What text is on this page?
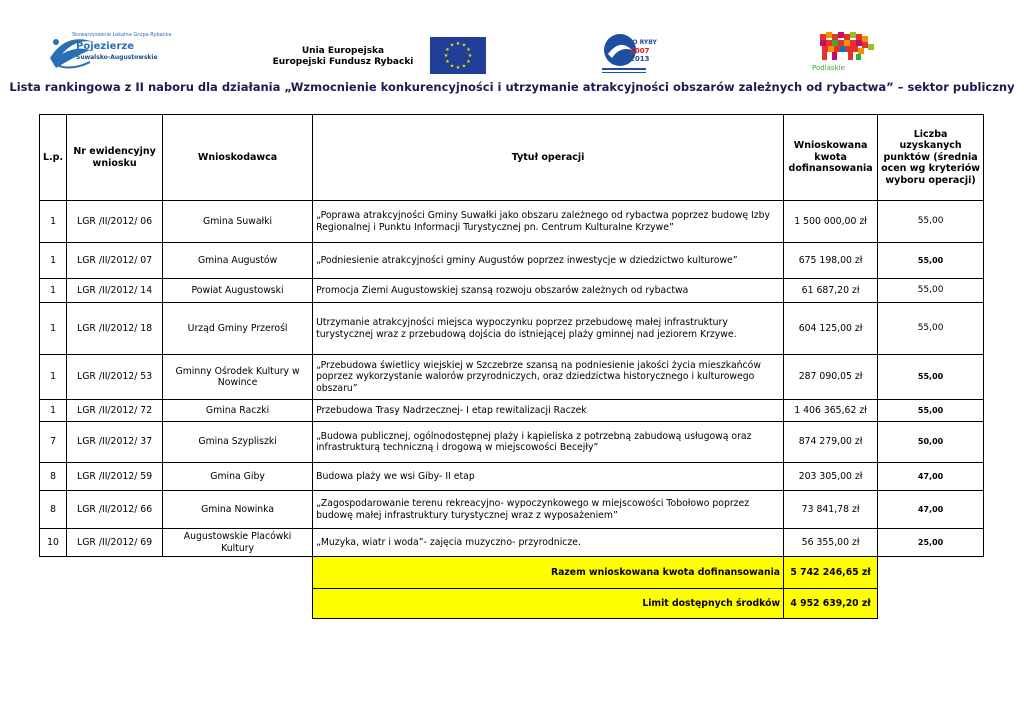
Stowarzyszenie Lokalna Grupa Rybacka
Pojezierze
Suwalsko-Augustowskie
Unia Europejska
Europejski Fundusz Rybacki
★ ★
★
★
★
★
★
★
★
★
★
★	PO RYBY
2007
2013
Podlaskie
Lista rankingowa z II naboru dla działania „Wzmocnienie konkurencyjności i utrzymanie atrakcyjności obszarów zależnych od rybactwa” – sektor publiczny
L.p.	Nr ewidencyjny wniosku	Wnioskodawca	Tytuł operacji	Wnioskowana kwota dofinansowania	Liczba uzyskanych punktów (średnia ocen wg kryteriów wyboru operacji)
1	LGR /II/2012/ 06	Gmina Suwałki	„Poprawa atrakcyjności Gminy Suwałki jako obszaru zależnego od rybactwa poprzez budowę Izby Regionalnej i Punktu Informacji Turystycznej pn. Centrum Kulturalne Krzywe”	1 500 000,00 zł	55,00
1	LGR /II/2012/ 07	Gmina Augustów	„Podniesienie atrakcyjności gminy Augustów poprzez inwestycje w dziedzictwo kulturowe”	675 198,00 zł	55,00
1	LGR /II/2012/ 14	Powiat Augustowski	Promocja Ziemi Augustowskiej szansą rozwoju obszarów zależnych od rybactwa	61 687,20 zł	55,00
1	LGR /II/2012/ 18	Urząd Gminy Przerośl	Utrzymanie atrakcyjności miejsca wypoczynku poprzez przebudowę małej infrastruktury turystycznej wraz z przebudową dojścia do istniejącej plaży gminnej nad jeziorem Krzywe.	604 125,00 zł	55,00
1	LGR /II/2012/ 53	Gminny Ośrodek Kultury w Nowince	„Przebudowa świetlicy wiejskiej w Szczebrze szansą na podniesienie jakości życia mieszkańców poprzez wykorzystanie walorów przyrodniczych, oraz dziedzictwa historycznego i kulturowego obszaru”	287 090,05 zł	55,00
1	LGR /II/2012/ 72	Gmina Raczki	Przebudowa Trasy Nadrzecznej- I etap rewitalizacji Raczek	1 406 365,62 zł	55,00
7	LGR /II/2012/ 37	Gmina Szypliszki	„Budowa publicznej, ogólnodostępnej plaży i kąpieliska z potrzebną zabudową usługową oraz infrastrukturą techniczną i drogową w miejscowości Becejły”	874 279,00 zł	50,00
8	LGR /II/2012/ 59	Gmina Giby	Budowa plaży we wsi Giby- II etap	203 305,00 zł	47,00
8	LGR /II/2012/ 66	Gmina Nowinka	„Zagospodarowanie terenu rekreacyjno- wypoczynkowego w miejscowości Tobołowo poprzez budowę małej infrastruktury turystycznej wraz z wyposażeniem”	73 841,78 zł	47,00
10	LGR /II/2012/ 69	Augustowskie Placówki Kultury	„Muzyka, wiatr i woda”- zajęcia muzyczno- przyrodnicze.	56 355,00 zł	25,00
			Razem wnioskowana kwota dofinansowania	5 742 246,65 zł	
			Limit dostępnych środków	4 952 639,20 zł	
